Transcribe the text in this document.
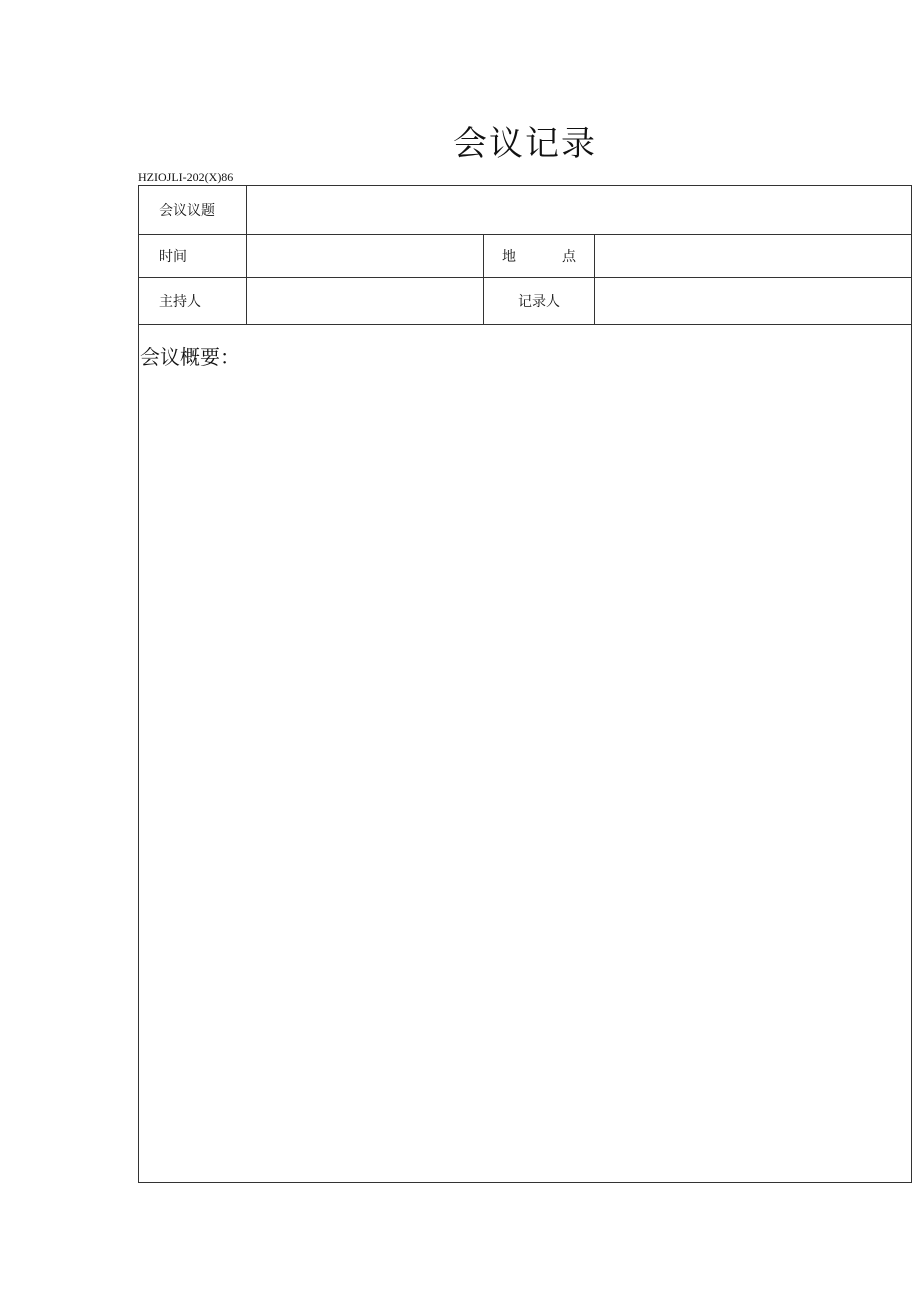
会议记录
HZIOJLI-202(X)86
会议议题			
时间		地　　点	
主持人		记录人	

会议概要：			
